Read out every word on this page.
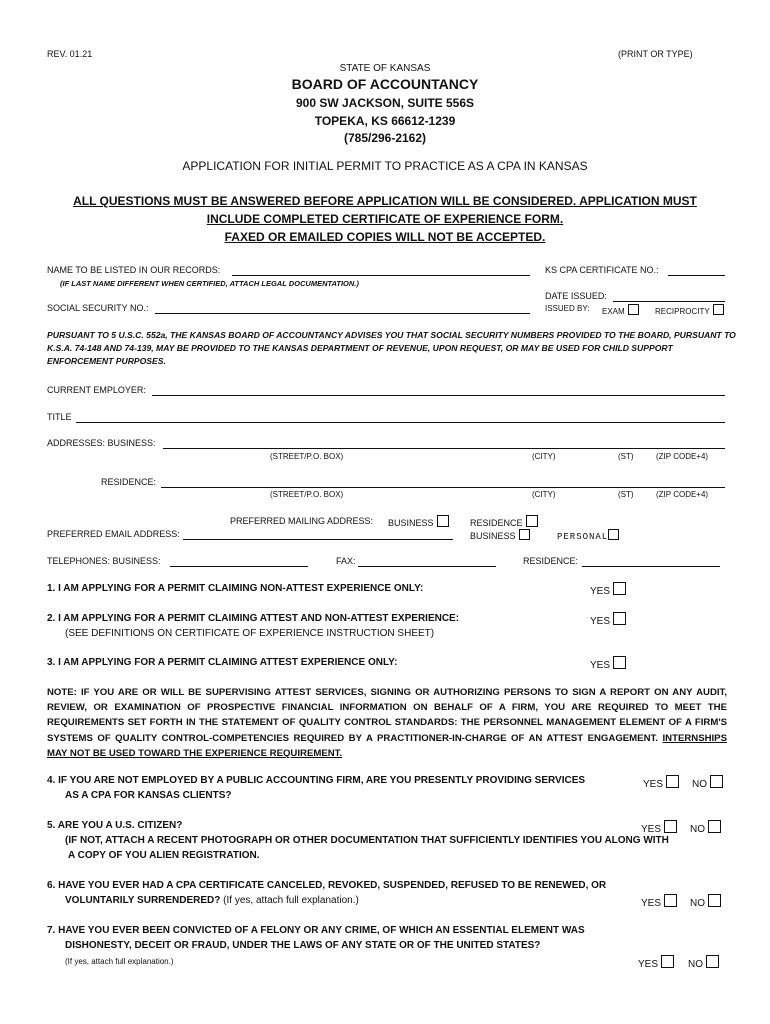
REV. 01.21	(PRINT OR TYPE)
STATE OF KANSAS
BOARD OF ACCOUNTANCY
900 SW JACKSON, SUITE 556S
TOPEKA, KS 66612-1239
(785/296-2162)
APPLICATION FOR INITIAL PERMIT TO PRACTICE AS A CPA IN KANSAS
ALL QUESTIONS MUST BE ANSWERED BEFORE APPLICATION WILL BE CONSIDERED. APPLICATION MUST
INCLUDE COMPLETED CERTIFICATE OF EXPERIENCE FORM.
FAXED OR EMAILED COPIES WILL NOT BE ACCEPTED.
NAME TO BE LISTED IN OUR RECORDS:
(IF LAST NAME DIFFERENT WHEN CERTIFIED, ATTACH LEGAL DOCUMENTATION.)
KS CPA CERTIFICATE NO.:
DATE ISSUED:
SOCIAL SECURITY NO.:	ISSUED BY: EXAM	RECIPROCITY
PURSUANT TO 5 U.S.C. 552a, THE KANSAS BOARD OF ACCOUNTANCY ADVISES YOU THAT SOCIAL SECURITY NUMBERS PROVIDED TO THE BOARD, PURSUANT TO K.S.A. 74-148 AND 74-139, MAY BE PROVIDED TO THE KANSAS DEPARTMENT OF REVENUE, UPON REQUEST, OR MAY BE USED FOR CHILD SUPPORT ENFORCEMENT PURPOSES.
CURRENT EMPLOYER:
TITLE
ADDRESSES: BUSINESS:
(STREET/P.O. BOX)	(CITY)	(ST)	(ZIP CODE+4)
RESIDENCE:
(STREET/P.O. BOX)	(CITY)	(ST)	(ZIP CODE+4)
PREFERRED MAILING ADDRESS: BUSINESS	RESIDENCE
PREFERRED EMAIL ADDRESS:	BUSINESS	PERSONAL
TELEPHONES: BUSINESS:	FAX:	RESIDENCE:
1. I AM APPLYING FOR A PERMIT CLAIMING NON-ATTEST EXPERIENCE ONLY:	YES
2. I AM APPLYING FOR A PERMIT CLAIMING ATTEST AND NON-ATTEST EXPERIENCE:
(SEE DEFINITIONS ON CERTIFICATE OF EXPERIENCE INSTRUCTION SHEET)
YES
3. I AM APPLYING FOR A PERMIT CLAIMING ATTEST EXPERIENCE ONLY:	YES
NOTE: IF YOU ARE OR WILL BE SUPERVISING ATTEST SERVICES, SIGNING OR AUTHORIZING PERSONS TO SIGN A REPORT ON ANY AUDIT, REVIEW, OR EXAMINATION OF PROSPECTIVE FINANCIAL INFORMATION ON BEHALF OF A FIRM, YOU ARE REQUIRED TO MEET THE REQUIREMENTS SET FORTH IN THE STATEMENT OF QUALITY CONTROL STANDARDS: THE PERSONNEL MANAGEMENT ELEMENT OF A FIRM'S SYSTEMS OF QUALITY CONTROL-COMPETENCIES REQUIRED BY A PRACTITIONER-IN-CHARGE OF AN ATTEST ENGAGEMENT. INTERNSHIPS MAY NOT BE USED TOWARD THE EXPERIENCE REQUIREMENT.
4. IF YOU ARE NOT EMPLOYED BY A PUBLIC ACCOUNTING FIRM, ARE YOU PRESENTLY PROVIDING SERVICES
AS A CPA FOR KANSAS CLIENTS?
YES	NO
5. ARE YOU A U.S. CITIZEN?
(IF NOT, ATTACH A RECENT PHOTOGRAPH OR OTHER DOCUMENTATION THAT SUFFICIENTLY IDENTIFIES YOU ALONG WITH
A COPY OF YOU ALIEN REGISTRATION.
YES	NO
6. HAVE YOU EVER HAD A CPA CERTIFICATE CANCELED, REVOKED, SUSPENDED, REFUSED TO BE RENEWED, OR
VOLUNTARILY SURRENDERED? (If yes, attach full explanation.)	YES	NO
7. HAVE YOU EVER BEEN CONVICTED OF A FELONY OR ANY CRIME, OF WHICH AN ESSENTIAL ELEMENT WAS
DISHONESTY, DECEIT OR FRAUD, UNDER THE LAWS OF ANY STATE OR OF THE UNITED STATES?
(If yes, attach full explanation.)	YES	NO
